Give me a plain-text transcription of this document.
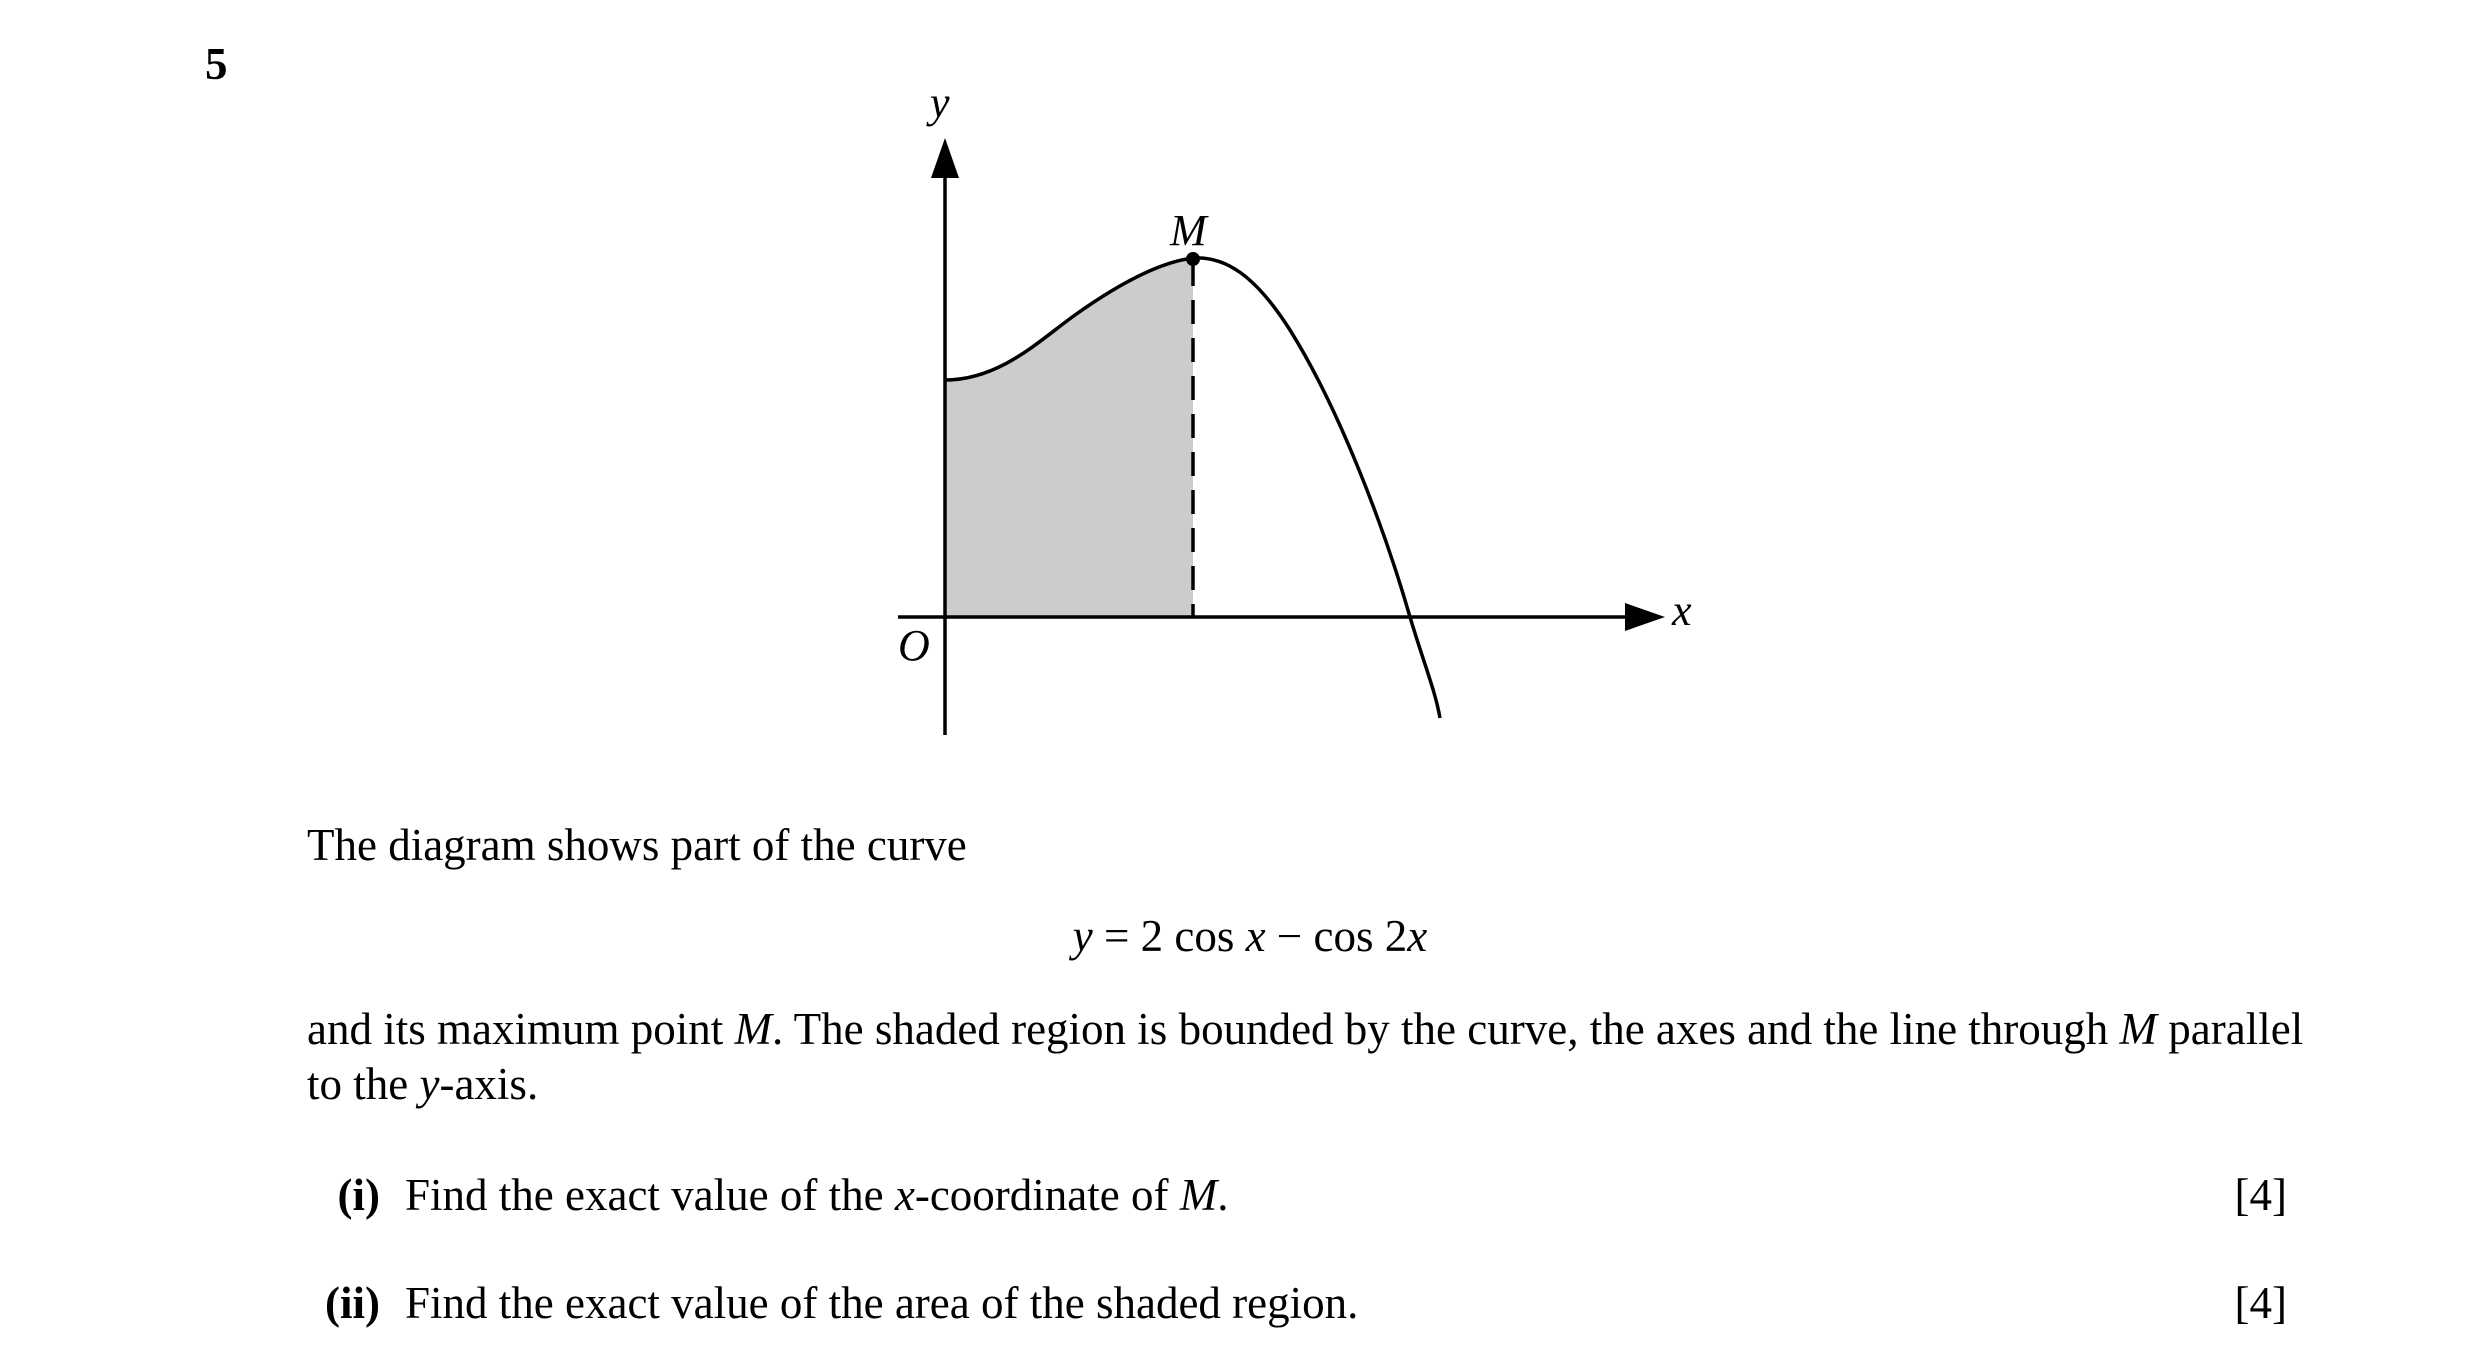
5
y
x
O
M
The diagram shows part of the curve
y = 2 cos x − cos 2x
and its maximum point M. The shaded region is bounded by the curve, the axes and the line through M parallel to the y-axis.
(i) Find the exact value of the x-coordinate of M.	[4]
(ii) Find the exact value of the area of the shaded region.	[4]
